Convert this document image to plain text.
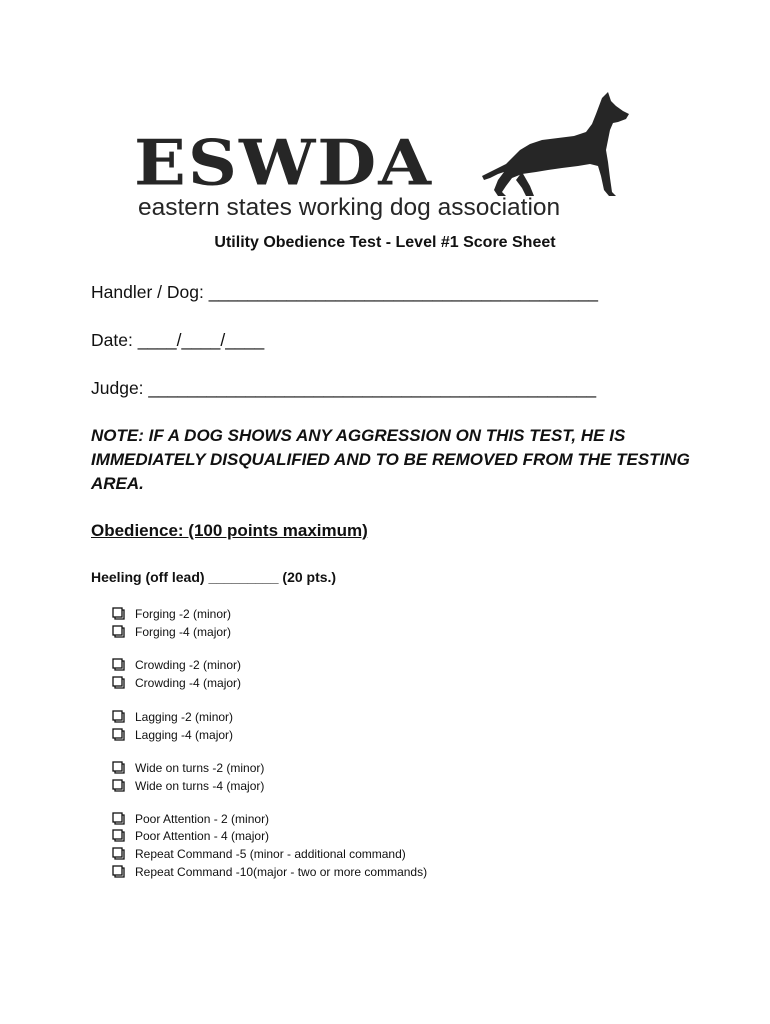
ESWDA
eastern states working dog association
Utility Obedience Test - Level #1 Score Sheet
Handler / Dog: ________________________________________
Date: ____/____/____
Judge: ______________________________________________
NOTE: IF A DOG SHOWS ANY AGGRESSION ON THIS TEST, HE IS IMMEDIATELY DISQUALIFIED AND TO BE REMOVED FROM THE TESTING AREA.
Obedience: (100 points maximum)
Heeling (off lead) _________ (20 pts.)
Forging -2 (minor)
Forging -4 (major)
Crowding -2 (minor)
Crowding -4 (major)
Lagging -2 (minor)
Lagging -4 (major)
Wide on turns -2 (minor)
Wide on turns -4 (major)
Poor Attention - 2 (minor)
Poor Attention - 4 (major)
Repeat Command -5 (minor - additional command)
Repeat Command -10(major - two or more commands)
